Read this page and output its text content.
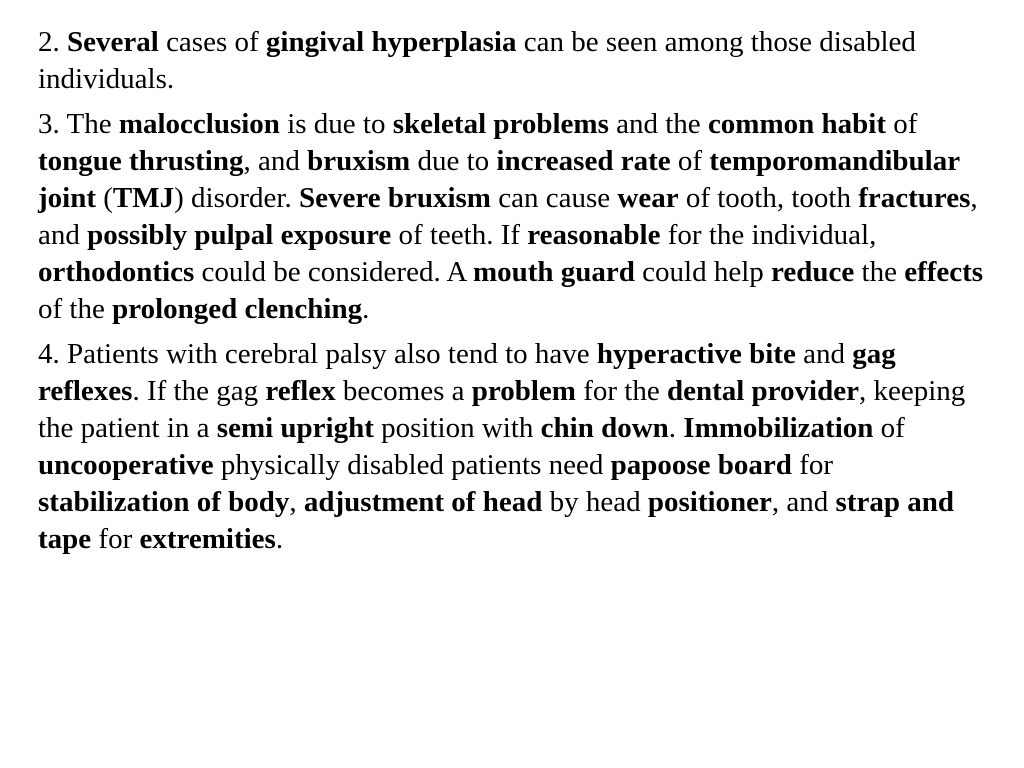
2. Several cases of gingival hyperplasia can be seen among those disabled individuals.

3. The malocclusion is due to skeletal problems and the common habit of tongue thrusting, and bruxism due to increased rate of temporomandibular joint (TMJ) disorder. Severe bruxism can cause wear of tooth, tooth fractures, and possibly pulpal exposure of teeth. If reasonable for the individual, orthodontics could be considered. A mouth guard could help reduce the effects of the prolonged clenching.

4. Patients with cerebral palsy also tend to have hyperactive bite and gag reflexes. If the gag reflex becomes a problem for the dental provider, keeping the patient in a semi upright position with chin down. Immobilization of uncooperative physically disabled patients need papoose board for stabilization of body, adjustment of head by head positioner, and strap and tape for extremities.
